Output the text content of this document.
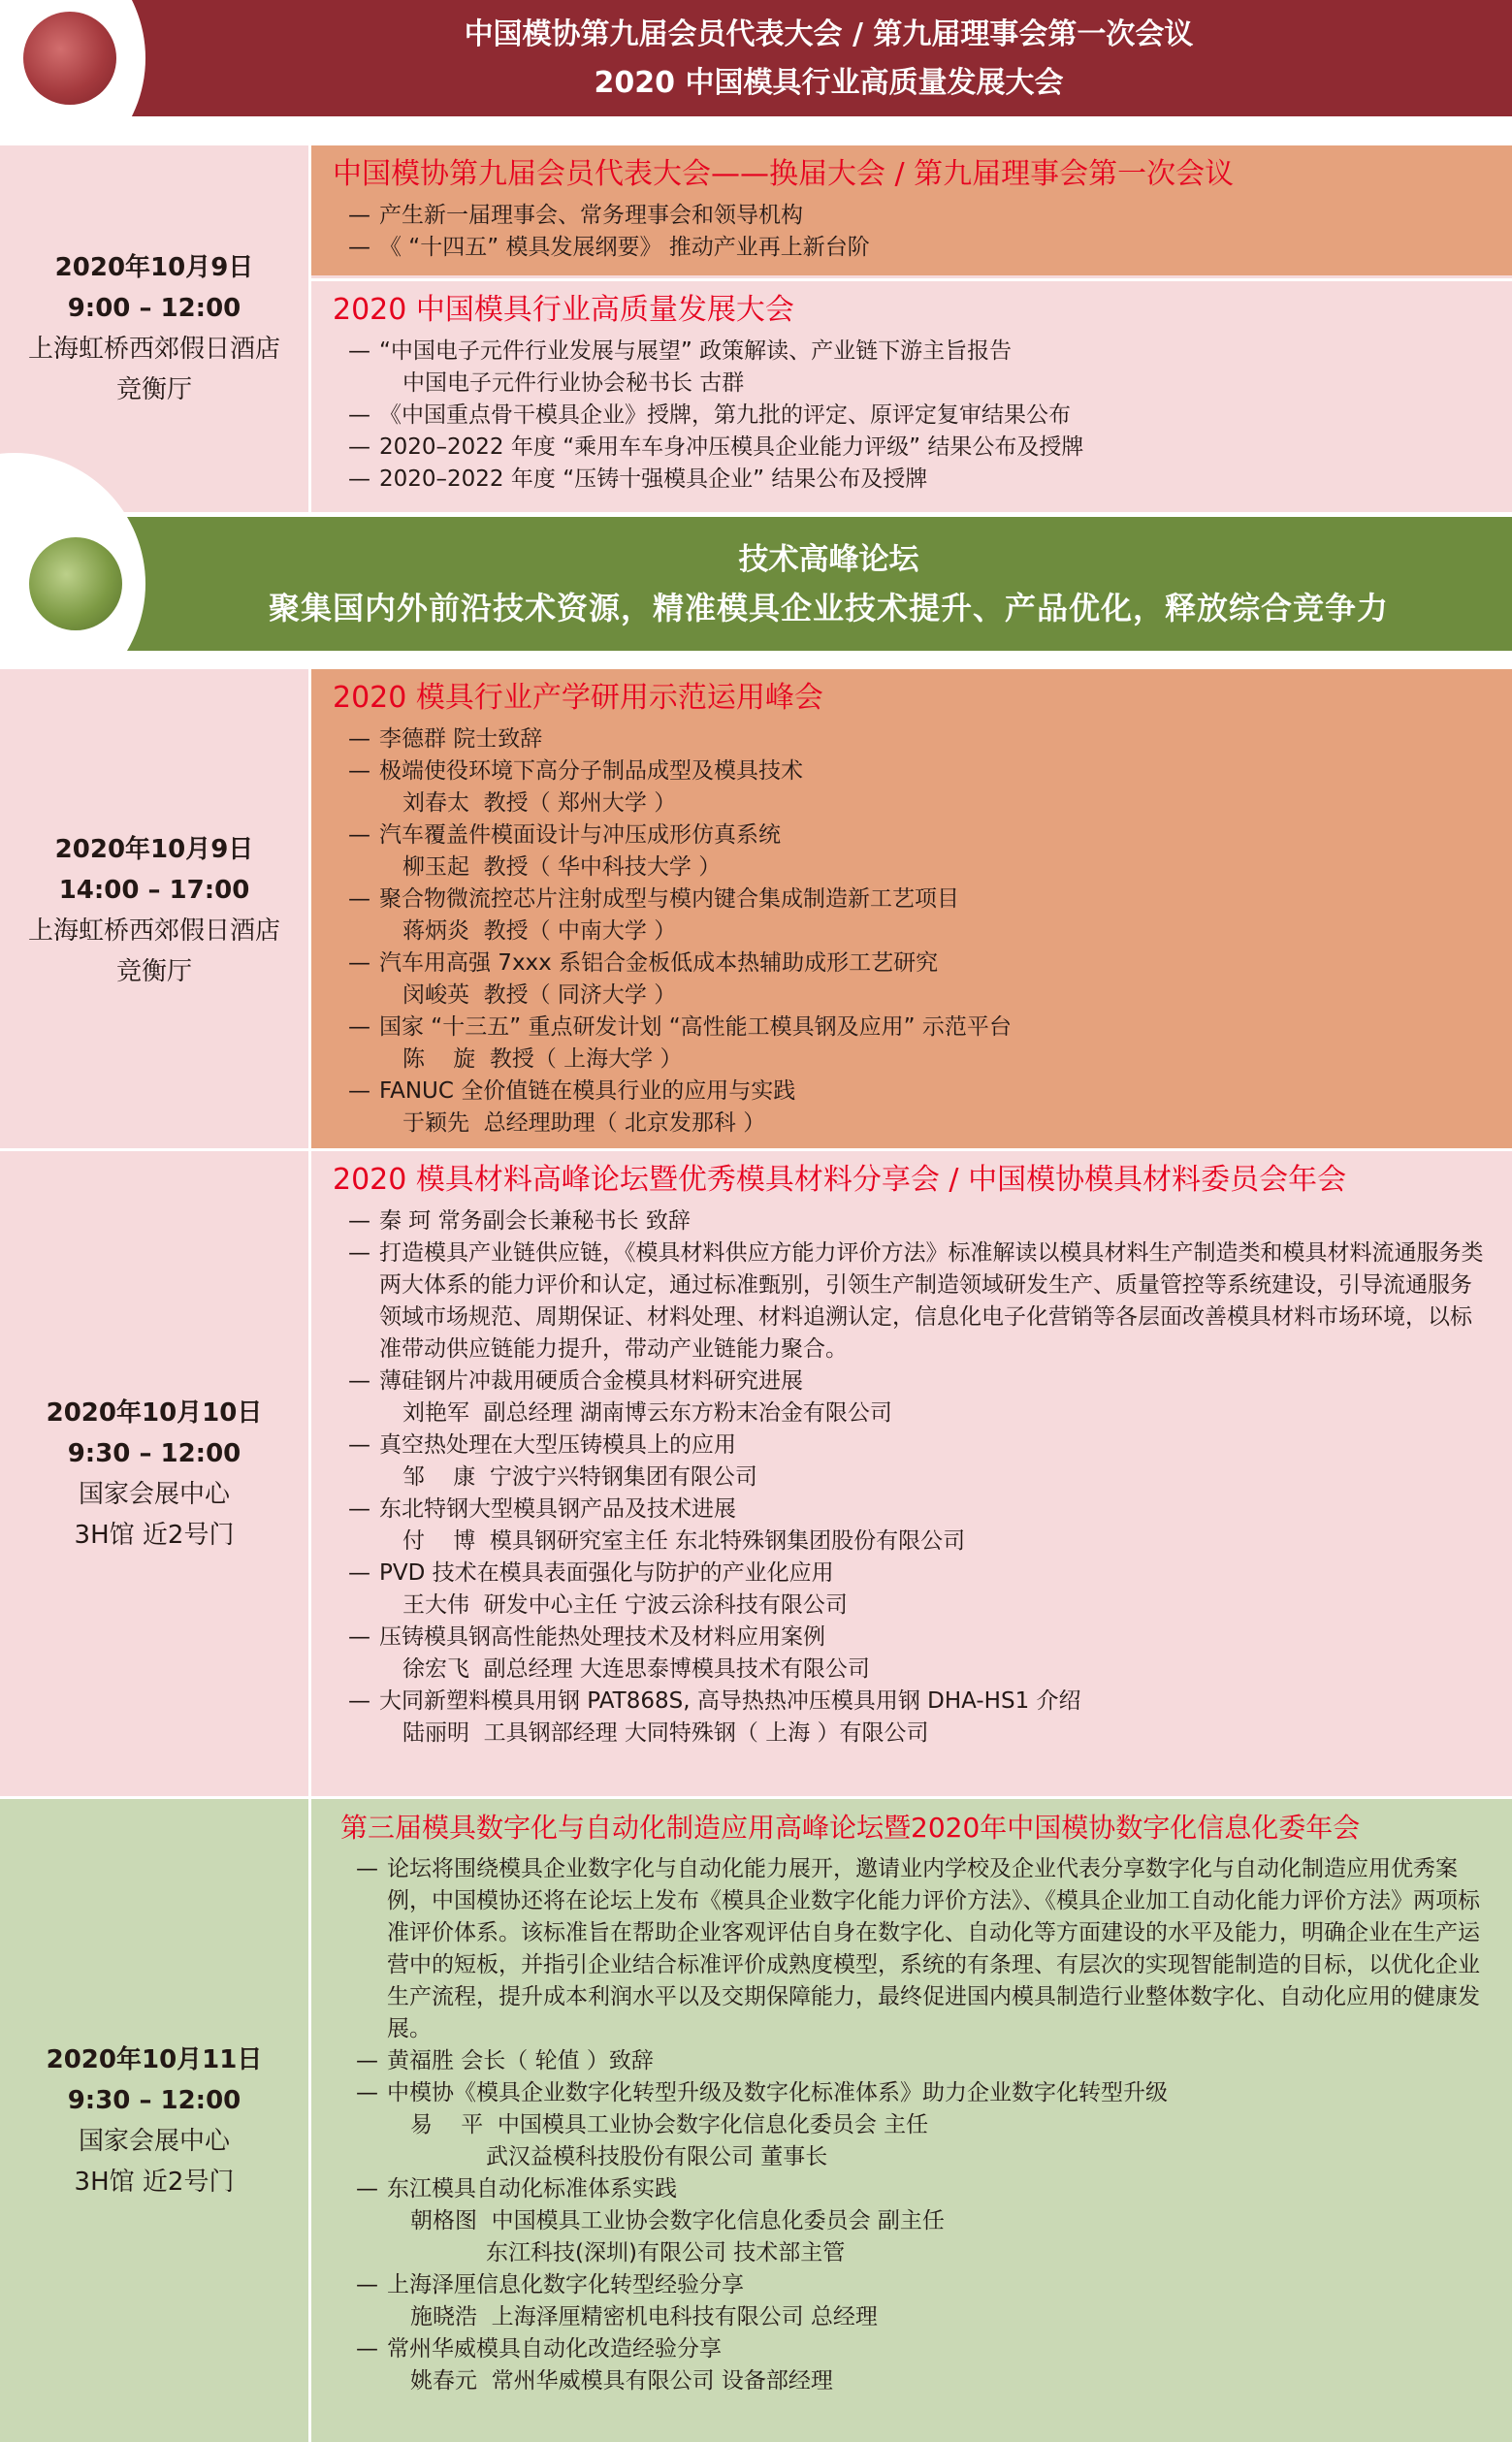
中国模协第九届会员代表大会 / 第九届理事会第一次会议
2020 中国模具行业高质量发展大会
2020年10月9日
9:00 – 12:00
上海虹桥西郊假日酒店
竞衡厅
中国模协第九届会员代表大会——换届大会 / 第九届理事会第一次会议
— 产生新一届理事会、常务理事会和领导机构
— 《 “十四五” 模具发展纲要》 推动产业再上新台阶
2020 中国模具行业高质量发展大会
— “中国电子元件行业发展与展望” 政策解读、产业链下游主旨报告
中国电子元件行业协会秘书长 古群
— 《中国重点骨干模具企业》授牌，第九批的评定、原评定复审结果公布
— 2020–2022 年度 “乘用车车身冲压模具企业能力评级” 结果公布及授牌
— 2020–2022 年度 “压铸十强模具企业” 结果公布及授牌
技术高峰论坛
聚集国内外前沿技术资源，精准模具企业技术提升、产品优化，释放综合竞争力
2020年10月9日
14:00 – 17:00
上海虹桥西郊假日酒店
竞衡厅
2020 模具行业产学研用示范运用峰会
— 李德群 院士致辞
— 极端使役环境下高分子制品成型及模具技术
刘春太  教授（ 郑州大学 ）
— 汽车覆盖件模面设计与冲压成形仿真系统
柳玉起  教授（ 华中科技大学 ）
— 聚合物微流控芯片注射成型与模内键合集成制造新工艺项目
蒋炳炎  教授（ 中南大学 ）
— 汽车用高强 7xxx 系铝合金板低成本热辅助成形工艺研究
闵峻英  教授（ 同济大学 ）
— 国家 “十三五” 重点研发计划 “高性能工模具钢及应用” 示范平台
陈    旋  教授（ 上海大学 ）
— FANUC 全价值链在模具行业的应用与实践
于颖先  总经理助理（ 北京发那科 ）
2020年10月10日
9:30 – 12:00
国家会展中心
3H馆 近2号门
2020 模具材料高峰论坛暨优秀模具材料分享会 / 中国模协模具材料委员会年会
— 秦 珂 常务副会长兼秘书长 致辞
— 打造模具产业链供应链，《模具材料供应方能力评价方法》标准解读以模具材料生产制造类和模具材料流通服务类两大体系的能力评价和认定，通过标准甄别，引领生产制造领域研发生产、质量管控等系统建设，引导流通服务领域市场规范、周期保证、材料处理、材料追溯认定，信息化电子化营销等各层面改善模具材料市场环境，以标准带动供应链能力提升，带动产业链能力聚合。
— 薄硅钢片冲裁用硬质合金模具材料研究进展
刘艳军  副总经理 湖南博云东方粉末冶金有限公司
— 真空热处理在大型压铸模具上的应用
邹    康  宁波宁兴特钢集团有限公司
— 东北特钢大型模具钢产品及技术进展
付    博  模具钢研究室主任 东北特殊钢集团股份有限公司
— PVD 技术在模具表面强化与防护的产业化应用
王大伟  研发中心主任 宁波云涂科技有限公司
— 压铸模具钢高性能热处理技术及材料应用案例
徐宏飞  副总经理 大连思泰博模具技术有限公司
— 大同新塑料模具用钢 PAT868S, 高导热热冲压模具用钢 DHA-HS1 介绍
陆丽明  工具钢部经理 大同特殊钢（ 上海 ）有限公司
2020年10月11日
9:30 – 12:00
国家会展中心
3H馆 近2号门
第三届模具数字化与自动化制造应用高峰论坛暨2020年中国模协数字化信息化委年会
— 论坛将围绕模具企业数字化与自动化能力展开，邀请业内学校及企业代表分享数字化与自动化制造应用优秀案例，中国模协还将在论坛上发布《模具企业数字化能力评价方法》、《模具企业加工自动化能力评价方法》两项标准评价体系。该标准旨在帮助企业客观评估自身在数字化、自动化等方面建设的水平及能力，明确企业在生产运营中的短板，并指引企业结合标准评价成熟度模型，系统的有条理、有层次的实现智能制造的目标，以优化企业生产流程，提升成本利润水平以及交期保障能力，最终促进国内模具制造行业整体数字化、自动化应用的健康发展。
— 黄福胜 会长（ 轮值 ）致辞
— 中模协《模具企业数字化转型升级及数字化标准体系》助力企业数字化转型升级
易    平  中国模具工业协会数字化信息化委员会 主任
武汉益模科技股份有限公司 董事长
— 东江模具自动化标准体系实践
朝格图  中国模具工业协会数字化信息化委员会 副主任
东江科技(深圳)有限公司 技术部主管
— 上海泽厘信息化数字化转型经验分享
施晓浩  上海泽厘精密机电科技有限公司 总经理
— 常州华威模具自动化改造经验分享
姚春元  常州华威模具有限公司 设备部经理
